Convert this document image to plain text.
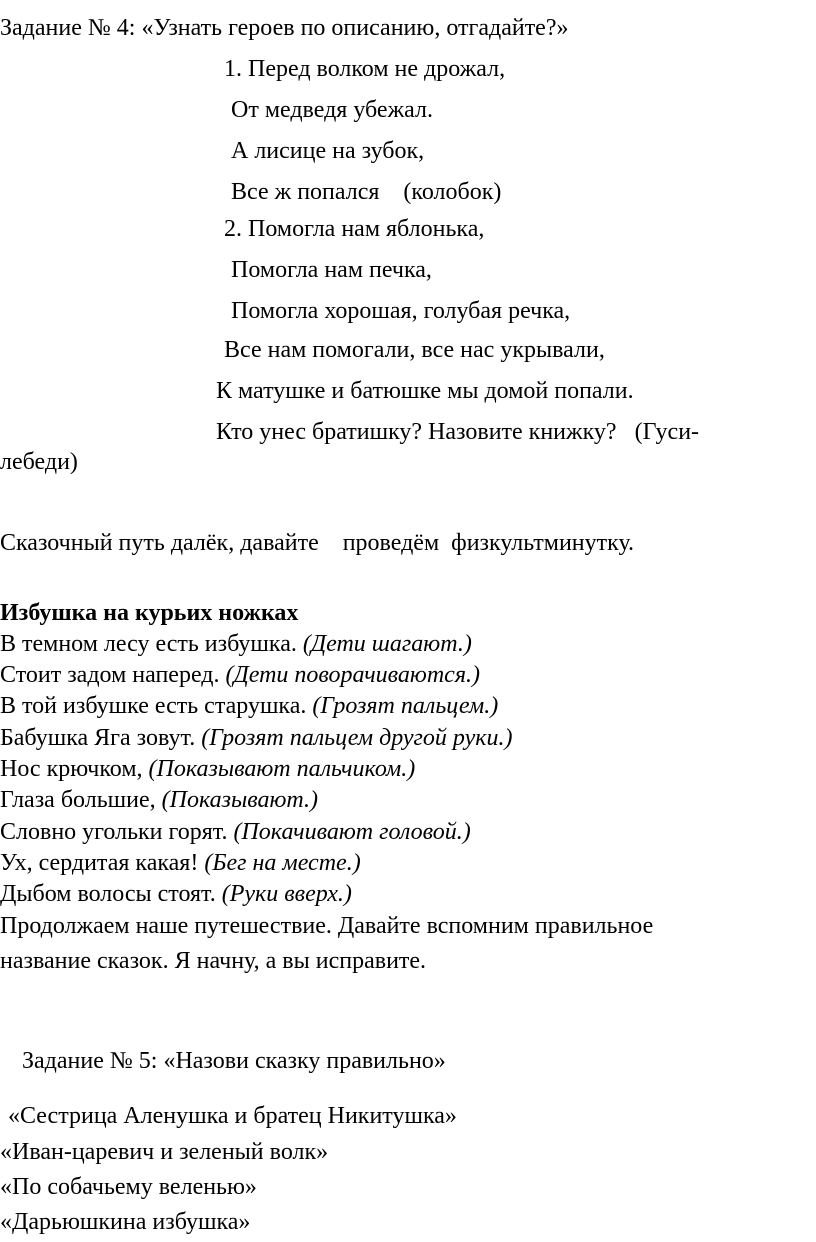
Задание № 4: «Узнать героев по описанию, отгадайте?»
1. Перед волком не дрожал,
От медведя убежал.
А лисице на зубок,
Все ж попался    (колобок)
2. Помогла нам яблонька,
Помогла нам печка,
Помогла хорошая, голубая речка,
Все нам помогали, все нас укрывали,
К матушке и батюшке мы домой попали.
Кто унес братишку? Назовите книжку?   (Гуси-
лебеди)
Сказочный путь далёк, давайте    проведём  физкультминутку.
Избушка на курьих ножках
В темном лесу есть избушка. (Дети шагают.)
Стоит задом наперед. (Дети поворачиваются.)
В той избушке есть старушка. (Грозят пальцем.)
Бабушка Яга зовут. (Грозят пальцем другой руки.)
Нос крючком, (Показывают пальчиком.)
Глаза большие, (Показывают.)
Словно угольки горят. (Покачивают головой.)
Ух, сердитая какая! (Бег на месте.)
Дыбом волосы стоят. (Руки вверх.)
Продолжаем наше путешествие. Давайте вспомним правильное
название сказок. Я начну, а вы исправите.
Задание № 5: «Назови сказку правильно»
«Сестрица Аленушка и братец Никитушка»
«Иван-царевич и зеленый волк»
«По собачьему веленью»
«Дарьюшкина избушка»
